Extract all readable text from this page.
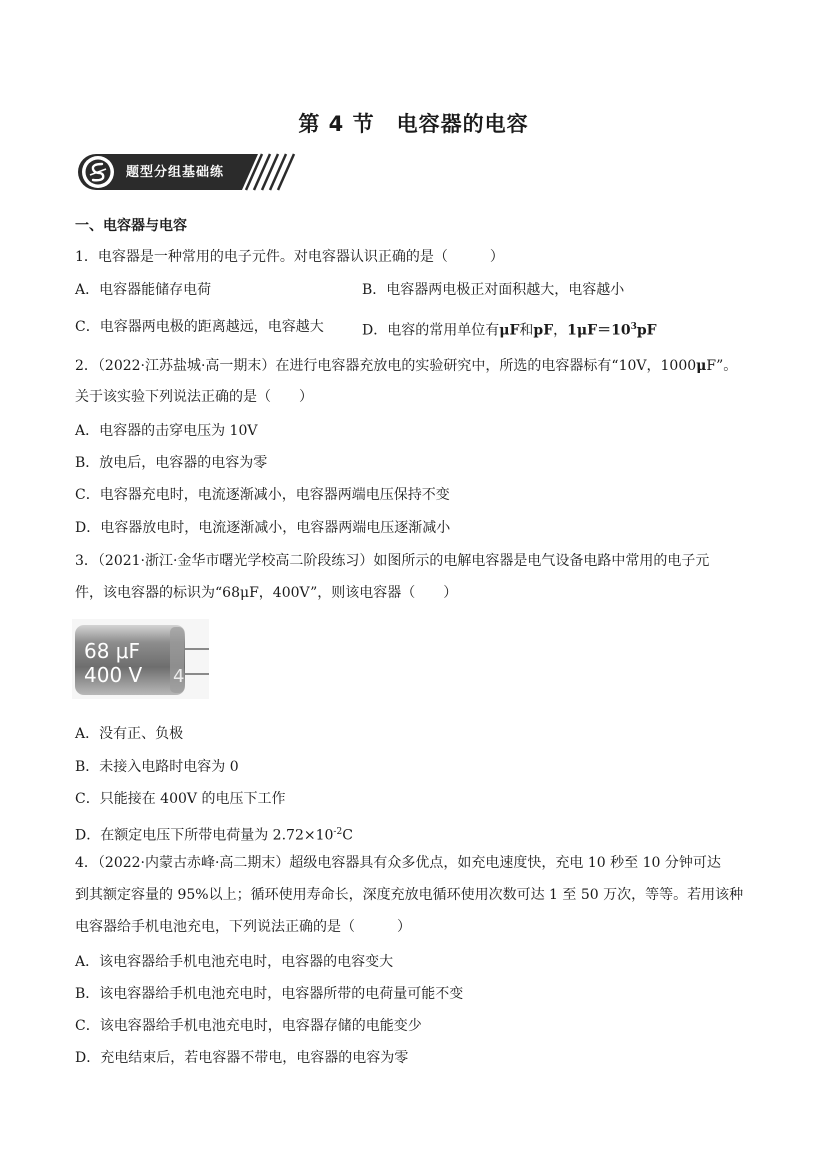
第 4 节　电容器的电容
题型分组基础练
一、电容器与电容
1．电容器是一种常用的电子元件。对电容器认识正确的是（　　　）
A．电容器能储存电荷	B．电容器两电极正对面积越大，电容越小
C．电容器两电极的距离越远，电容越大	D．电容的常用单位有μF和pF，$1\mu F=10^3pF$
2．（2022·江苏盐城·高一期末）在进行电容器充放电的实验研究中，所选的电容器标有“10V，1000μF”。
关于该实验下列说法正确的是（　　）
A．电容器的击穿电压为 10V
B．放电后，电容器的电容为零
C．电容器充电时，电流逐渐减小，电容器两端电压保持不变
D．电容器放电时，电流逐渐减小，电容器两端电压逐渐减小
3．（2021·浙江·金华市曙光学校高二阶段练习）如图所示的电解电容器是电气设备电路中常用的电子元
件，该电容器的标识为“68μF，400V”，则该电容器（　　）
68 μF
400 V 4
A．没有正、负极
B．未接入电路时电容为 0
C．只能接在 400V 的电压下工作
D．在额定电压下所带电荷量为 $2.72\times 10^{-2}C$
4．（2022·内蒙古赤峰·高二期末）超级电容器具有众多优点，如充电速度快，充电 10 秒至 10 分钟可达
到其额定容量的 95%以上；循环使用寿命长，深度充放电循环使用次数可达 1 至 50 万次，等等。若用该种
电容器给手机电池充电，下列说法正确的是（　　　）
A．该电容器给手机电池充电时，电容器的电容变大
B．该电容器给手机电池充电时，电容器所带的电荷量可能不变
C．该电容器给手机电池充电时，电容器存储的电能变少
D．充电结束后，若电容器不带电，电容器的电容为零
